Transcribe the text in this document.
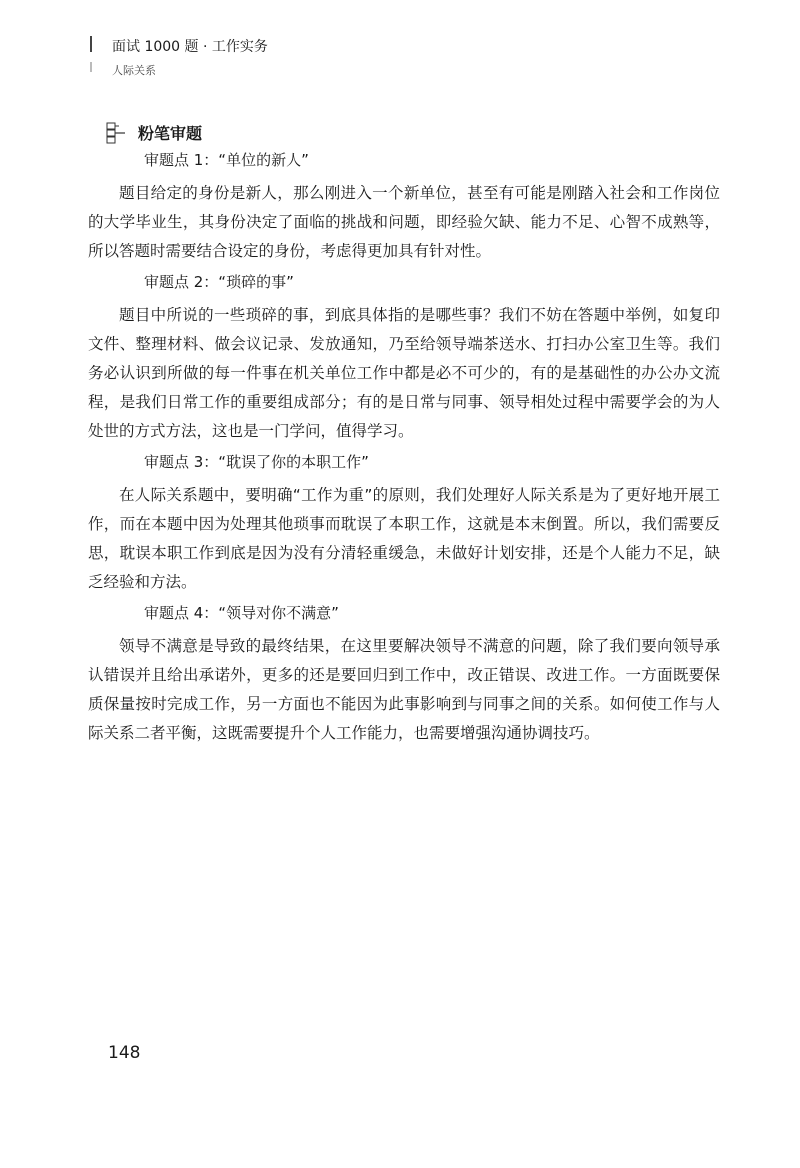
面试 1000 题 · 工作实务
人际关系
粉笔审题

审题点 1：“单位的新人”

题目给定的身份是新人，那么刚进入一个新单位，甚至有可能是刚踏入社会和工作岗位的大学毕业生，其身份决定了面临的挑战和问题，即经验欠缺、能力不足、心智不成熟等，所以答题时需要结合设定的身份，考虑得更加具有针对性。

审题点 2：“琐碎的事”

题目中所说的一些琐碎的事，到底具体指的是哪些事？我们不妨在答题中举例，如复印文件、整理材料、做会议记录、发放通知，乃至给领导端茶送水、打扫办公室卫生等。我们务必认识到所做的每一件事在机关单位工作中都是必不可少的，有的是基础性的办公办文流程，是我们日常工作的重要组成部分；有的是日常与同事、领导相处过程中需要学会的为人处世的方式方法，这也是一门学问，值得学习。

审题点 3：“耽误了你的本职工作”

在人际关系题中，要明确“工作为重”的原则，我们处理好人际关系是为了更好地开展工作，而在本题中因为处理其他琐事而耽误了本职工作，这就是本末倒置。所以，我们需要反思，耽误本职工作到底是因为没有分清轻重缓急，未做好计划安排，还是个人能力不足，缺乏经验和方法。

审题点 4：“领导对你不满意”

领导不满意是导致的最终结果，在这里要解决领导不满意的问题，除了我们要向领导承认错误并且给出承诺外，更多的还是要回归到工作中，改正错误、改进工作。一方面既要保质保量按时完成工作，另一方面也不能因为此事影响到与同事之间的关系。如何使工作与人际关系二者平衡，这既需要提升个人工作能力，也需要增强沟通协调技巧。

148
